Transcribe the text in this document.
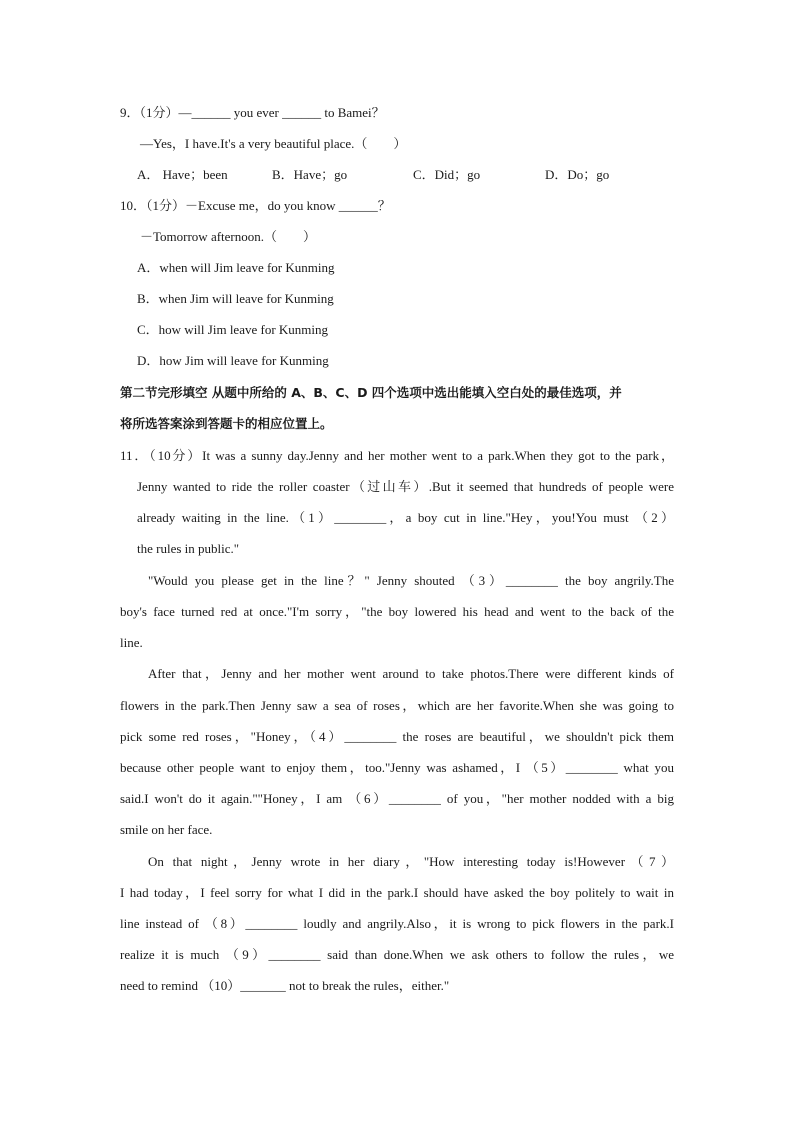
9．（1分）—______ you ever ______ to Bamei？
—Yes，I have.It's a very beautiful place.（　　）
A． Have；been	B．Have；go	C．Did；go	D．Do；go
10．（1分）－Excuse me，do you know ______？
－Tomorrow afternoon.（　　）
A．when will Jim leave for Kunming
B．when Jim will leave for Kunming
C．how will Jim leave for Kunming
D．how Jim will leave for Kunming
第二节完形填空 从题中所给的 A、B、C、D 四个选项中选出能填入空白处的最佳选项，并
将所选答案涂到答题卡的相应位置上。
11．（10分）It was a sunny day.Jenny and her mother went to a park.When they got to the park，
Jenny wanted to ride the roller coaster（过山车）.But it seemed that hundreds of people were
already waiting in the line.（1）________，a boy cut in line."Hey，you!You must （2）
the rules in public."
"Would you please get in the line？" Jenny shouted （3）________ the boy angrily.The
boy's face turned red at once."I'm sorry，"the boy lowered his head and went to the back of the
line.
After that，Jenny and her mother went around to take photos.There were different kinds of
flowers in the park.Then Jenny saw a sea of roses，which are her favorite.When she was going to
pick some red roses，"Honey，（4）________ the roses are beautiful，we shouldn't pick them
because other people want to enjoy them，too."Jenny was ashamed，I （5）________ what you
said.I won't do it again.""Honey，I am （6）________ of you，"her mother nodded with a big
smile on her face.
On that night，Jenny wrote in her diary，"How interesting today is!However（7）
I had today，I feel sorry for what I did in the park.I should have asked the boy politely to wait in
line instead of （8）________ loudly and angrily.Also，it is wrong to pick flowers in the park.I
realize it is much （9）________ said than done.When we ask others to follow the rules，we
need to remind （10）_______ not to break the rules，either."
